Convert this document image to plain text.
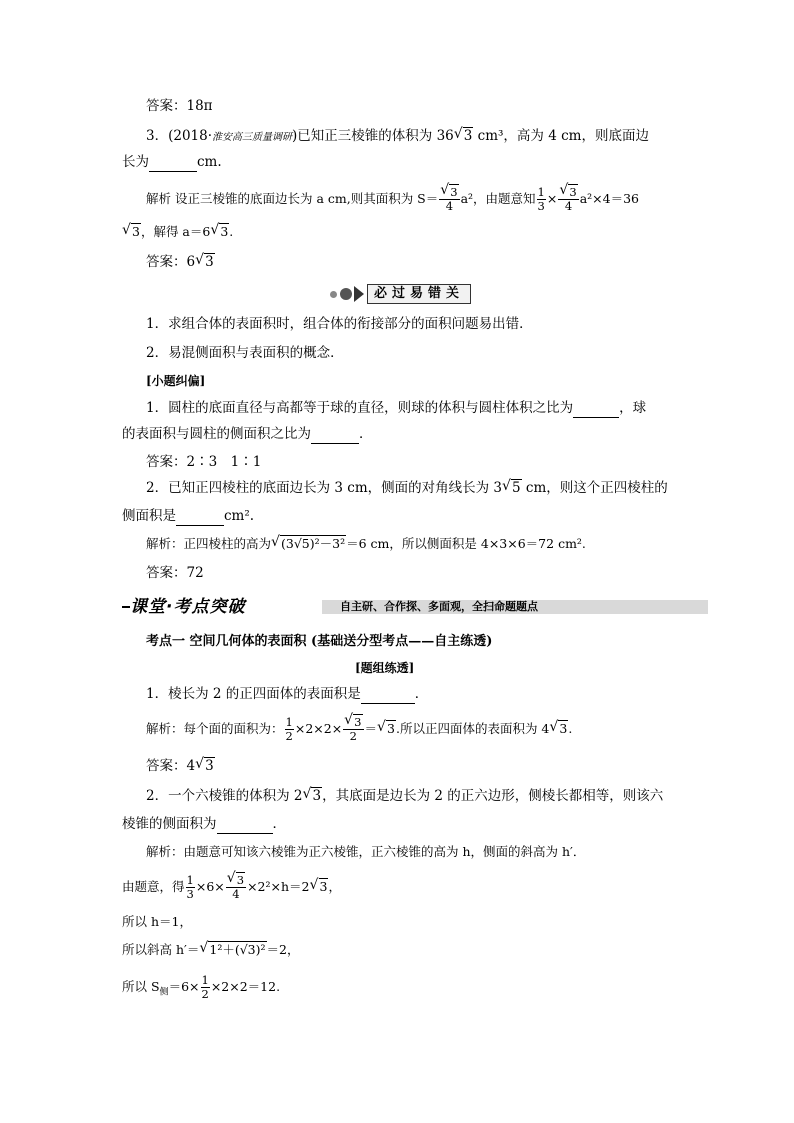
答案：18π
3．(2018·淮安高三质量调研)已知正三棱锥的体积为 36√ 3 cm³，高为 4 cm，则底面边
长为	cm.
解析 设正三棱锥的底面边长为 a cm,则其面积为 S＝
√ $\frac{3}{4} a^2$，由题意知 $\frac{1}{3}$ ×
√ $\frac{3}{4} a^2\times 4=36$
√ 3，解得 a＝6√ 3.
答案：6√ 3
必过易错关
1．求组合体的表面积时，组合体的衔接部分的面积问题易出错．
2．易混侧面积与表面积的概念．
[小题纠偏]
1．圆柱的底面直径与高都等于球的直径，则球的体积与圆柱体积之比为	，球
的表面积与圆柱的侧面积之比为	．
答案：2∶3　1∶1
2．已知正四棱柱的底面边长为 3 cm，侧面的对角线长为 3√ 5 cm，则这个正四棱柱的
侧面积是	cm².
解析：正四棱柱的高为√ (3√5)²－3²＝6 cm，所以侧面积是 4×3×6＝72 cm².
答案：72
课堂·考点突破	自主研、合作探、多面观，全扫命题题点
考点一 空间几何体的表面积 (基础送分型考点——自主练透)
[题组练透]
1．棱长为 2 的正四面体的表面积是	．
解析：每个面的面积为： $\frac{1}{2} \times 2\times 2\times$
√ $\frac{3}{2}$ ＝√ 3.所以正四面体的表面积为 4√ 3.
答案：4√ 3
2．一个六棱锥的体积为 2√ 3，其底面是边长为 2 的正六边形，侧棱长都相等，则该六
棱锥的侧面积为	．
解析：由题意可知该六棱锥为正六棱锥，正六棱锥的高为 h，侧面的斜高为 h′．
由题意，得 $\frac{1}{3} \times 6\times$
√ $\frac{3}{4} \times 2^2\times h=2√$ 3，
所以 h＝1，
所以斜高 h′＝√ 1²＋(√3)²＝2，
所以 $S_侧=6\times \frac{1}{2} \times 2\times 2=12$.
